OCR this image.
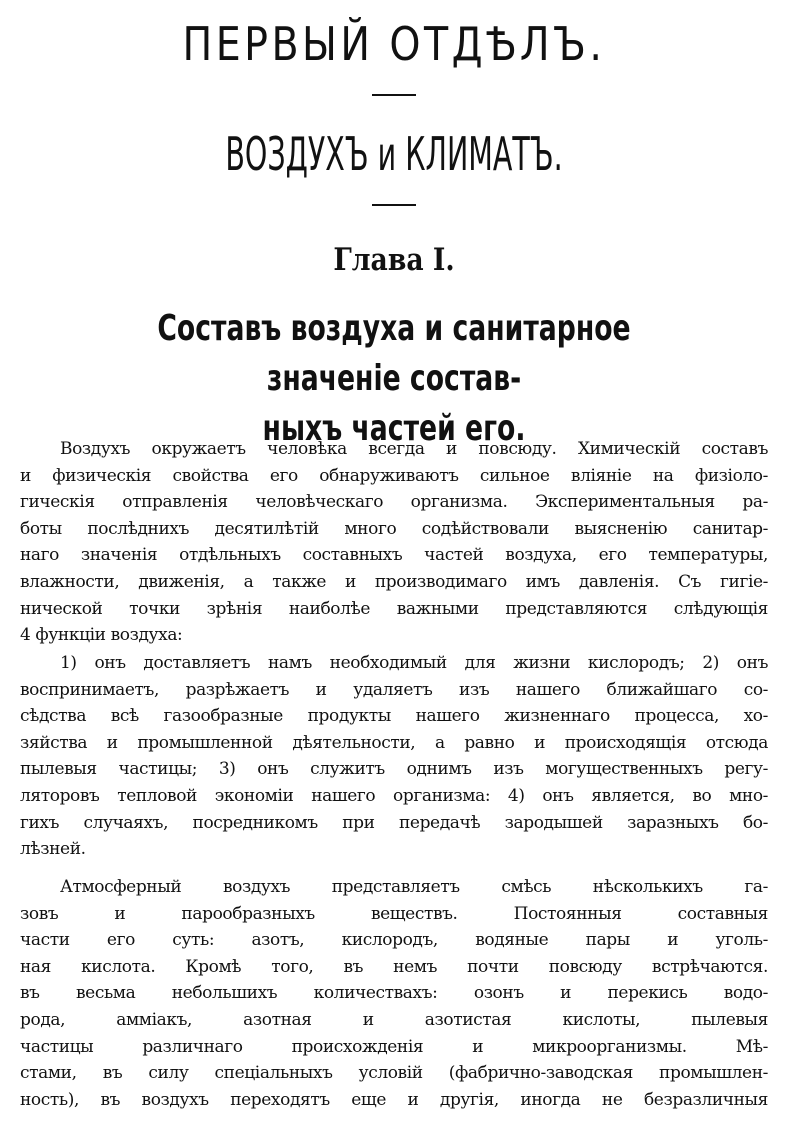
ПЕРВЫЙ ОТДѢЛЪ.
ВОЗДУХЪ и КЛИМАТЪ.
Глава I.
Составъ воздуха и санитарное значенiе состав-
ныхъ частей его.
Воздухъ окружаетъ человѣка всегда и повсюду. Химическiй составъ
и физическiя свойства его обнаруживаютъ сильное влiянiе на физiоло-
гическiя отправленiя человѣческаго организма. Экспериментальныя ра-
боты послѣднихъ десятилѣтiй много содѣйствовали выясненiю санитар-
наго значенiя отдѣльныхъ составныхъ частей воздуха, его температуры,
влажности, движенiя, а также и производимаго имъ давленiя. Съ гигiе-
нической точки зрѣнiя наиболѣе важными представляются слѣдующiя
4 функцiи воздуха:
1) онъ доставляетъ намъ необходимый для жизни кислородъ; 2) онъ
воспринимаетъ, разрѣжаетъ и удаляетъ изъ нашего ближайшаго со-
сѣдства всѣ газообразные продукты нашего жизненнаго процесса, хо-
зяйства и промышленной дѣятельности, а равно и происходящiя отсюда
пылевыя частицы; 3) онъ служитъ однимъ изъ могущественныхъ регу-
ляторовъ тепловой экономiи нашего организма: 4) онъ является, во мно-
гихъ случаяхъ, посредникомъ при передачѣ зародышей заразныхъ бо-
лѣзней.
Атмосферный воздухъ представляетъ смѣсь нѣсколькихъ га-
зовъ и парообразныхъ веществъ. Постоянныя составныя
части его суть: азотъ, кислородъ, водяные пары и уголь-
ная кислота. Кромѣ того, въ немъ почти повсюду встрѣчаются.
въ весьма небольшихъ количествахъ: озонъ и перекись водо-
рода, амміакъ, азотная и азотистая кислоты, пылевыя
частицы различнаго происхожденiя и микроорганизмы. Мѣ-
стами, въ силу спецiальныхъ условiй (фабрично-заводская промышлен-
ность), въ воздухъ переходятъ еще и другiя, иногда не безразличныя
